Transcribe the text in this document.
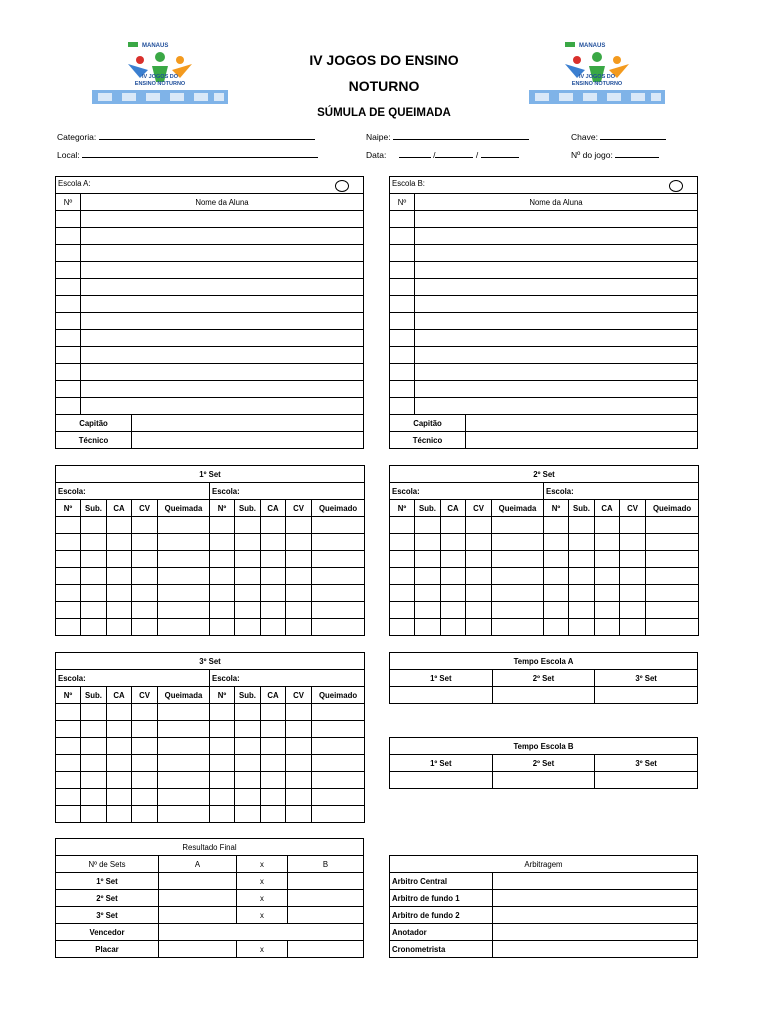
MANAUS
IV JOGOS DO
ENSINO NOTURNO
MANAUS
IV JOGOS DO
ENSINO NOTURNO
IV JOGOS DO ENSINO
NOTURNO
SÚMULA DE QUEIMADA
Categoria:	Naipe:	Chave:
Local:	Data:	/	/	Nº do jogo:
Escola A:		

Nº	Nome da Aluna	

Capitão		
Técnico		
Escola B:		

Nº	Nome da Aluna	

Capitão		
Técnico		
1º Set									
Escola:					Escola:				
Nº	Sub.	CA	CV	Queimada	Nº	Sub.	CA	CV	Queimado

2º Set									
Escola:					Escola:				
Nº	Sub.	CA	CV	Queimada	Nº	Sub.	CA	CV	Queimado

3º Set									
Escola:					Escola:				
Nº	Sub.	CA	CV	Queimada	Nº	Sub.	CA	CV	Queimado

Tempo Escola A		
1º Set	2º Set	3º Set

Tempo Escola B		
1º Set	2º Set	3º Set

Resultado Final			
Nº de Sets	A	x	B
1º Set		x	
2º Set		x	
3º Set		x	
Vencedor			
Placar		x	
Arbitragem	
Arbitro Central	
Arbitro de fundo 1	
Arbitro de fundo 2	
Anotador	
Cronometrista	
